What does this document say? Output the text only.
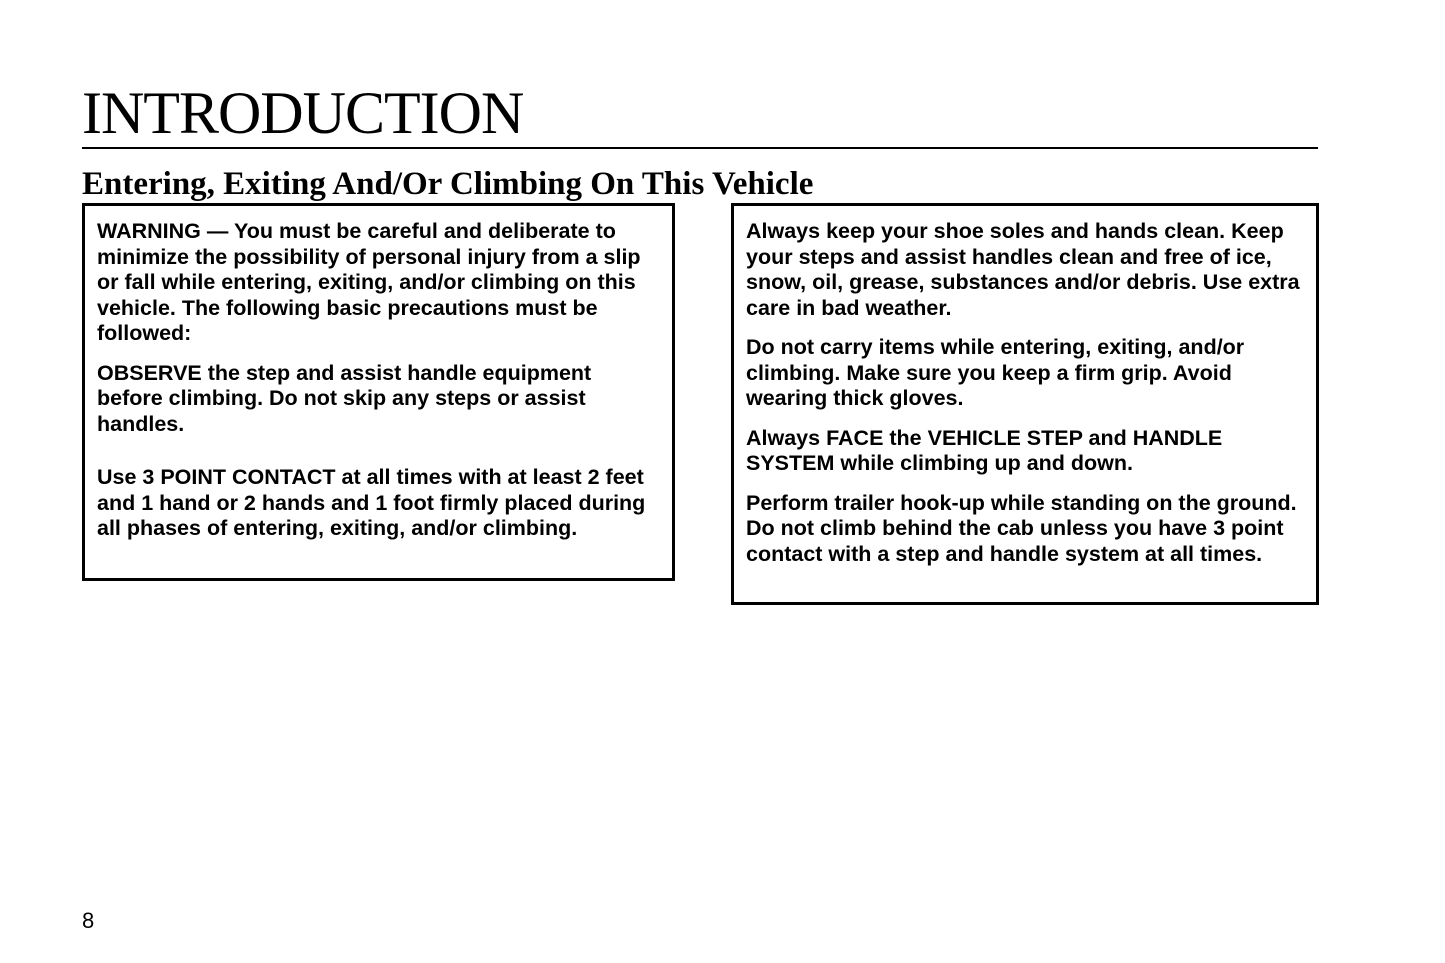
INTRODUCTION
Entering, Exiting And/Or Climbing On This Vehicle

WARNING — You must be careful and deliberate to minimize the possibility of personal injury from a slip or fall while entering, exiting, and/or climbing on this vehicle. The following basic precautions must be followed:

OBSERVE the step and assist handle equipment before climbing. Do not skip any steps or assist handles.

Use 3 POINT CONTACT at all times with at least 2 feet and 1 hand or 2 hands and 1 foot firmly placed during all phases of entering, exiting, and/or climbing.

Always keep your shoe soles and hands clean. Keep your steps and assist handles clean and free of ice, snow, oil, grease, substances and/or debris. Use extra care in bad weather.

Do not carry items while entering, exiting, and/or climbing. Make sure you keep a firm grip. Avoid wearing thick gloves.

Always FACE the VEHICLE STEP and HANDLE SYSTEM while climbing up and down.

Perform trailer hook-up while standing on the ground. Do not climb behind the cab unless you have 3 point contact with a step and handle system at all times.

8
